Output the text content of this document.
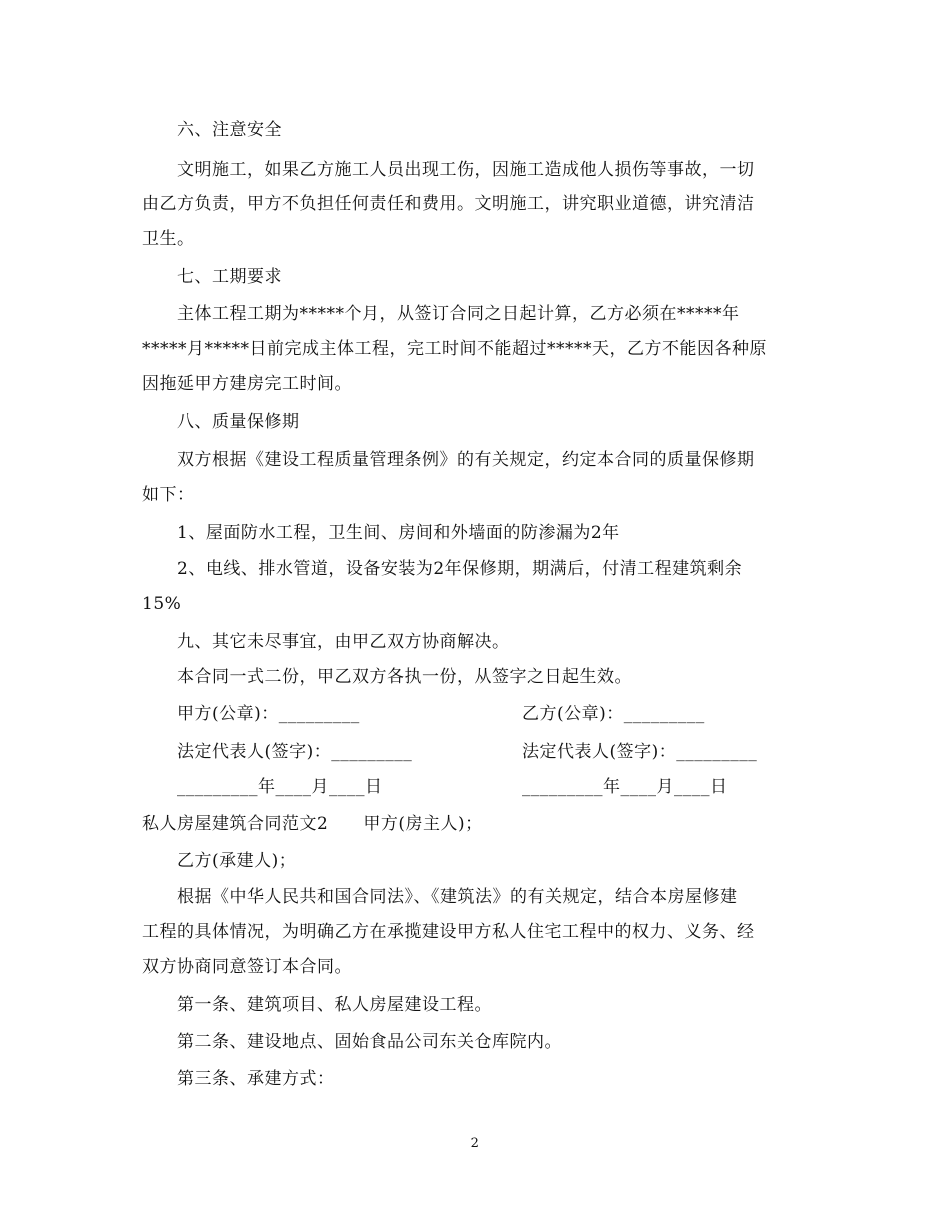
六、注意安全
文明施工，如果乙方施工人员出现工伤，因施工造成他人损伤等事故，一切
由乙方负责，甲方不负担任何责任和费用。文明施工，讲究职业道德，讲究清洁
卫生。
七、工期要求
主体工程工期为*****个月，从签订合同之日起计算，乙方必须在*****年
*****月*****日前完成主体工程，完工时间不能超过*****天，乙方不能因各种原
因拖延甲方建房完工时间。
八、质量保修期
双方根据《建设工程质量管理条例》的有关规定，约定本合同的质量保修期
如下：
1、屋面防水工程，卫生间、房间和外墙面的防渗漏为2年
2、电线、排水管道，设备安装为2年保修期，期满后，付清工程建筑剩余
15%
九、其它未尽事宜，由甲乙双方协商解决。
本合同一式二份，甲乙双方各执一份，从签字之日起生效。
甲方(公章)：_________	乙方(公章)：_________
法定代表人(签字)：_________	法定代表人(签字)：_________
_________年____月____日	_________年____月____日
私人房屋建筑合同范文2　　甲方(房主人)；
乙方(承建人)；
根据《中华人民共和国合同法》、《建筑法》的有关规定，结合本房屋修建
工程的具体情况，为明确乙方在承揽建设甲方私人住宅工程中的权力、义务、经
双方协商同意签订本合同。
第一条、建筑项目、私人房屋建设工程。
第二条、建设地点、固始食品公司东关仓库院内。
第三条、承建方式：
2
